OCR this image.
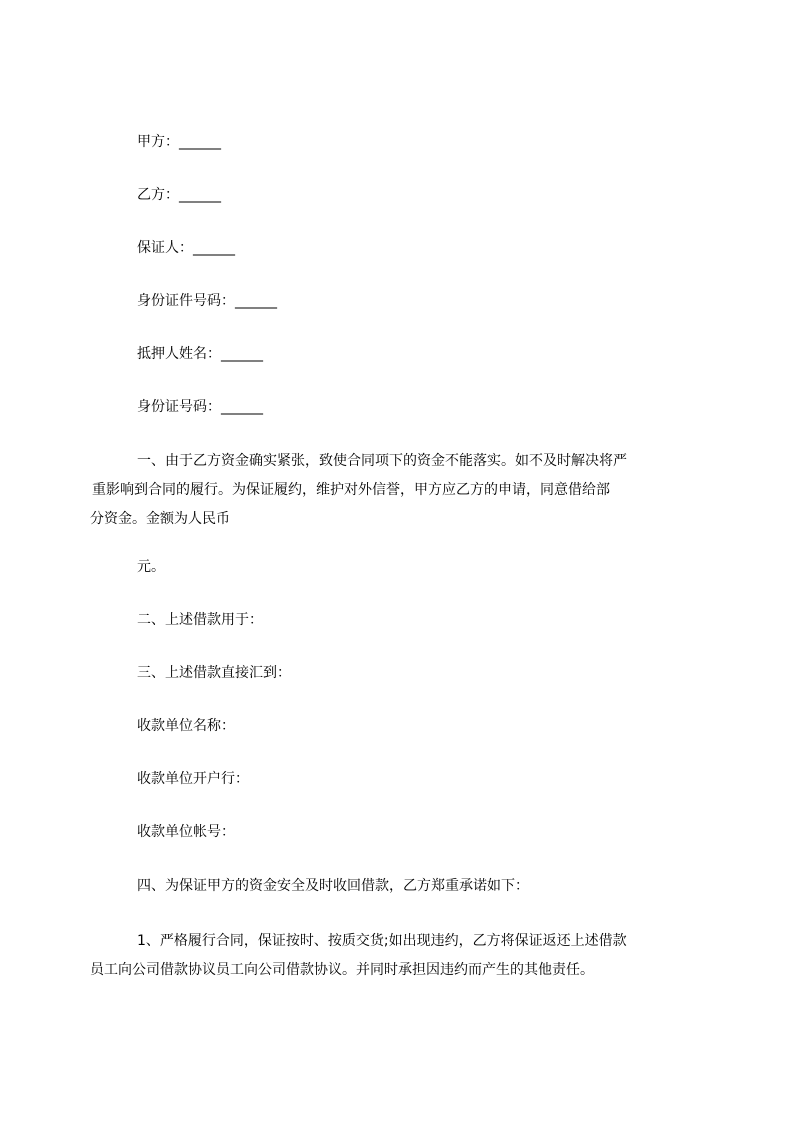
甲方：______

乙方：______

保证人：______

身份证件号码：______

抵押人姓名：______

身份证号码：______

一、由于乙方资金确实紧张，致使合同项下的资金不能落实。如不及时解决将严
重影响到合同的履行。为保证履约，维护对外信誉，甲方应乙方的申请，同意借给部
分资金。金额为人民币

元。

二、上述借款用于：

三、上述借款直接汇到：

收款单位名称：

收款单位开户行：

收款单位帐号：

四、为保证甲方的资金安全及时收回借款，乙方郑重承诺如下：

1、严格履行合同，保证按时、按质交货;如出现违约，乙方将保证返还上述借款
员工向公司借款协议员工向公司借款协议。并同时承担因违约而产生的其他责任。
